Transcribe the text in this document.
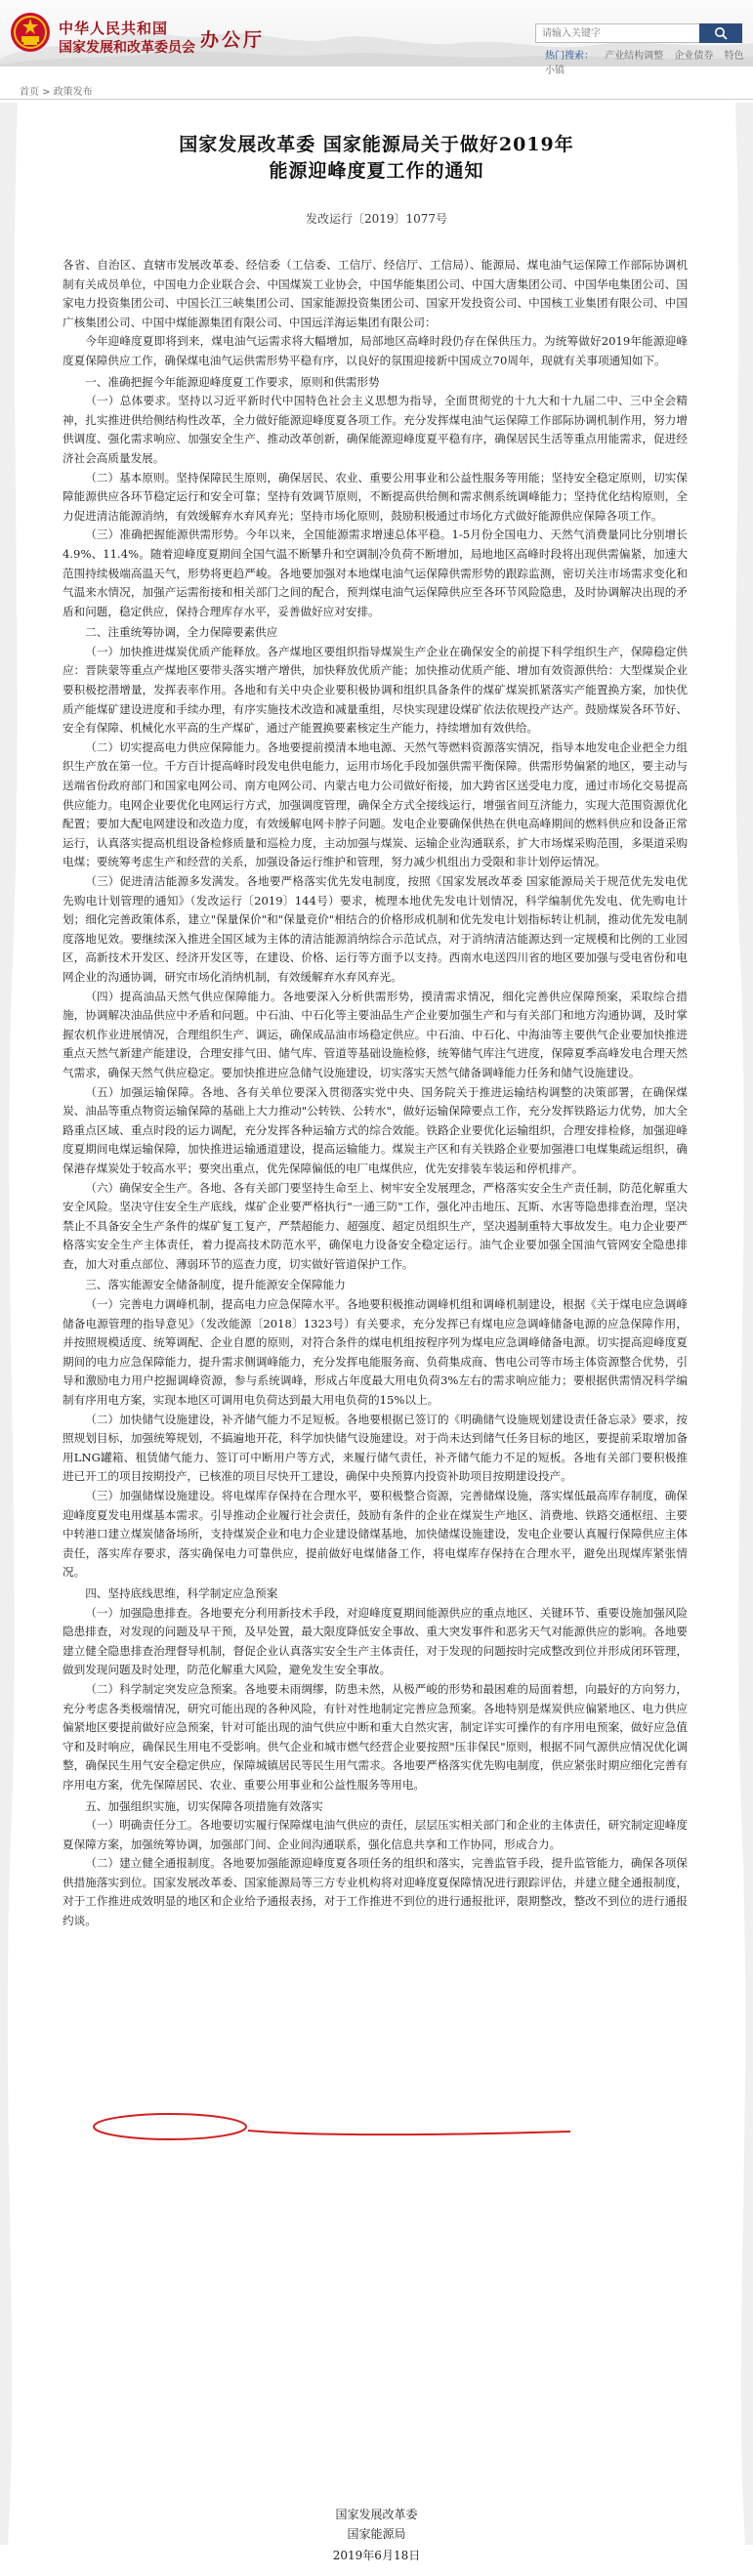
中华人民共和国
国家发展和改革委员会 办公厅
请输入关键字
热门搜索： 产业结构调整 企业债券 特色小镇
首页 > 政策发布
国家发展改革委 国家能源局关于做好2019年
能源迎峰度夏工作的通知
发改运行〔2019〕1077号

各省、自治区、直辖市发展改革委、经信委（工信委、工信厅、经信厅、工信局）、能源局、煤电油气运保障工作部际协调机制有关成员单位，中国电力企业联合会、中国煤炭工业协会，中国华能集团公司、中国大唐集团公司、中国华电集团公司、国家电力投资集团公司、中国长江三峡集团公司、国家能源投资集团公司、国家开发投资公司、中国核工业集团有限公司、中国广核集团公司、中国中煤能源集团有限公司、中国远洋海运集团有限公司：

今年迎峰度夏即将到来，煤电油气运需求将大幅增加，局部地区高峰时段仍存在保供压力。为统筹做好2019年能源迎峰度夏保障供应工作，确保煤电油气运供需形势平稳有序，以良好的氛围迎接新中国成立70周年，现就有关事项通知如下。

一、准确把握今年能源迎峰度夏工作要求，原则和供需形势

（一）总体要求。坚持以习近平新时代中国特色社会主义思想为指导，全面贯彻党的十九大和十九届二中、三中全会精神，扎实推进供给侧结构性改革，全力做好能源迎峰度夏各项工作。充分发挥煤电油气运保障工作部际协调机制作用，努力增供调度、强化需求响应、加强安全生产、推动改革创新，确保能源迎峰度夏平稳有序，确保居民生活等重点用能需求，促进经济社会高质量发展。

（二）基本原则。坚持保障民生原则，确保居民、农业、重要公用事业和公益性服务等用能；坚持安全稳定原则，切实保障能源供应各环节稳定运行和安全可靠；坚持有效调节原则，不断提高供给侧和需求侧系统调峰能力；坚持优化结构原则，全力促进清洁能源消纳，有效缓解弃水弃风弃光；坚持市场化原则，鼓励积极通过市场化方式做好能源供应保障各项工作。

（三）准确把握能源供需形势。今年以来，全国能源需求增速总体平稳。1-5月份全国电力、天然气消费量同比分别增长4.9%、11.4%。随着迎峰度夏期间全国气温不断攀升和空调制冷负荷不断增加，局地地区高峰时段将出现供需偏紧，加速大范围持续极端高温天气，形势将更趋严峻。各地要加强对本地煤电油气运保障供需形势的跟踪监测，密切关注市场需求变化和气温来水情况，加强产运需衔接和相关部门之间的配合，预判煤电油气运保障供应至各环节风险隐患，及时协调解决出现的矛盾和问题，稳定供应，保持合理库存水平，妥善做好应对安排。

二、注重统筹协调，全力保障要素供应

（一）加快推进煤炭优质产能释放。各产煤地区要组织指导煤炭生产企业在确保安全的前提下科学组织生产，保障稳定供应：晋陕蒙等重点产煤地区要带头落实增产增供，加快释放优质产能；加快推动优质产能、增加有效资源供给：大型煤炭企业要积极挖潜增量，发挥表率作用。各地和有关中央企业要积极协调和组织具备条件的煤矿煤炭抓紧落实产能置换方案，加快优质产能煤矿建设进度和手续办理，有序实施技术改造和减量重组，尽快实现建设煤矿依法依规投产达产。鼓励煤炭各环节好、安全有保障、机械化水平高的生产煤矿，通过产能置换要素核定生产能力，持续增加有效供给。

（二）切实提高电力供应保障能力。各地要提前摸清本地电源、天然气等燃料资源落实情况，指导本地发电企业把全力组织生产放在第一位。千方百计提高峰时段发电供电能力，运用市场化手段加强供需平衡保障。供需形势偏紧的地区，要主动与送端省份政府部门和国家电网公司、南方电网公司、内蒙古电力公司做好衔接，加大跨省区送受电力度，通过市场化交易提高供应能力。电网企业要优化电网运行方式，加强调度管理，确保全方式全接线运行，增强省间互济能力，实现大范围资源优化配置；要加大配电网建设和改造力度，有效缓解电网卡脖子问题。发电企业要确保供热在供电高峰期间的燃料供应和设备正常运行，认真落实提高机组设备检修质量和巡检力度，主动加强与煤炭、运输企业沟通联系，扩大市场煤采购范围，多渠道采购电煤；要统筹考虑生产和经营的关系，加强设备运行维护和管理，努力减少机组出力受限和非计划停运情况。

（三）促进清洁能源多发满发。各地要严格落实优先发电制度，按照《国家发展改革委 国家能源局关于规范优先发电优先购电计划管理的通知》（发改运行〔2019〕144号）要求，梳理本地优先发电计划情况，科学编制优先发电、优先购电计划；细化完善政策体系，建立"保量保价"和"保量竞价"相结合的价格形成机制和优先发电计划指标转让机制，推动优先发电制度落地见效。要继续深入推进全国区域为主体的清洁能源消纳综合示范试点，对于消纳清洁能源达到一定规模和比例的工业园区，高新技术开发区、经济开发区等，在建设、价格、运行等方面予以支持。西南水电送四川省的地区要加强与受电省份和电网企业的沟通协调，研究市场化消纳机制，有效缓解弃水弃风弃光。

（四）提高油品天然气供应保障能力。各地要深入分析供需形势，摸清需求情况，细化完善供应保障预案，采取综合措施，协调解决油品供应中矛盾和问题。中石油、中石化等主要油品生产企业要加强生产和与有关部门和地方沟通协调，及时掌握农机作业进展情况，合理组织生产、调运，确保成品油市场稳定供应。中石油、中石化、中海油等主要供气企业要加快推进重点天然气新建产能建设，合理安排气田、储气库、管道等基础设施检修，统筹储气库注气进度，保障夏季高峰发电合理天然气需求，确保天然气供应稳定。要加快推进应急储气设施建设，切实落实天然气储备调峰能力任务和储气设施建设。

（五）加强运输保障。各地、各有关单位要深入贯彻落实党中央、国务院关于推进运输结构调整的决策部署，在确保煤炭、油品等重点物资运输保障的基础上大力推动"公转铁、公转水"，做好运输保障要点工作，充分发挥铁路运力优势，加大全路重点区域、重点时段的运力调配，充分发挥各种运输方式的综合效能。铁路企业要优化运输组织，合理安排检修，加强迎峰度夏期间电煤运输保障，加快推进运输通道建设，提高运输能力。煤炭主产区和有关铁路企业要加强港口电煤集疏运组织，确保港存煤炭处于较高水平；要突出重点，优先保障偏低的电厂电煤供应，优先安排装车装运和停机排产。

（六）确保安全生产。各地、各有关部门要坚持生命至上、树牢安全发展理念，严格落实安全生产责任制，防范化解重大安全风险。坚决守住安全生产底线，煤矿企业要严格执行"一通三防"工作，强化冲击地压、瓦斯、水害等隐患排查治理，坚决禁止不具备安全生产条件的煤矿复工复产，严禁超能力、超强度、超定员组织生产，坚决遏制重特大事故发生。电力企业要严格落实安全生产主体责任，着力提高技术防范水平，确保电力设备安全稳定运行。油气企业要加强全国油气管网安全隐患排查，加大对重点部位、薄弱环节的巡查力度，切实做好管道保护工作。

三、落实能源安全储备制度，提升能源安全保障能力

（一）完善电力调峰机制，提高电力应急保障水平。各地要积极推动调峰机组和调峰机制建设，根据《关于煤电应急调峰储备电源管理的指导意见》（发改能源〔2018〕1323号）有关要求，充分发挥已有煤电应急调峰储备电源的应急保障作用，并按照规模适度、统筹调配、企业自愿的原则，对符合条件的煤电机组按程序列为煤电应急调峰储备电源。切实提高迎峰度夏期间的电力应急保障能力，提升需求侧调峰能力，充分发挥电能服务商、负荷集成商、售电公司等市场主体资源整合优势，引导和激励电力用户挖掘调峰资源，参与系统调峰，形成占年度最大用电负荷3%左右的需求响应能力；要根据供需情况科学编制有序用电方案，实现本地区可调用电负荷达到最大用电负荷的15%以上。

（二）加快储气设施建设，补齐储气能力不足短板。各地要根据已签订的《明确储气设施规划建设责任备忘录》要求，按照规划目标，加强统筹规划，不搞遍地开花，科学加快储气设施建设。对于尚未达到储气任务目标的地区，要提前采取增加备用LNG罐箱、租赁储气能力、签订可中断用户等方式，来履行储气责任，补齐储气能力不足的短板。各地有关部门要积极推进已开工的项目按期投产，已核准的项目尽快开工建设，确保中央预算内投资补助项目按期建设投产。

（三）加强储煤设施建设。将电煤库存保持在合理水平，要积极整合资源，完善储煤设施，落实煤低最高库存制度，确保迎峰度夏发电用煤基本需求。引导推动企业履行社会责任，鼓励有条件的企业在煤炭生产地区、消费地、铁路交通枢纽、主要中转港口建立煤炭储备场所，支持煤炭企业和电力企业建设储煤基地，加快储煤设施建设，发电企业要认真履行保障供应主体责任，落实库存要求，落实确保电力可靠供应，提前做好电煤储备工作，将电煤库存保持在合理水平，避免出现煤库紧张情况。

四、坚持底线思维，科学制定应急预案

（一）加强隐患排查。各地要充分利用新技术手段，对迎峰度夏期间能源供应的重点地区、关键环节、重要设施加强风险隐患排查，对发现的问题及早干预，及早处置，最大限度降低安全事故、重大突发事件和恶劣天气对能源供应的影响。各地要建立健全隐患排查治理督导机制，督促企业认真落实安全生产主体责任，对于发现的问题按时完成整改到位并形成闭环管理，做到发现问题及时处理，防范化解重大风险，避免发生安全事故。

（二）科学制定突发应急预案。各地要未雨绸缪，防患未然，从极严峻的形势和最困难的局面着想，向最好的方向努力，充分考虑各类极端情况，研究可能出现的各种风险，有针对性地制定完善应急预案。各地特别是煤炭供应偏紧地区、电力供应偏紧地区要提前做好应急预案，针对可能出现的油气供应中断和重大自然灾害，制定详实可操作的有序用电预案，做好应急值守和及时响应，确保民生用电不受影响。供气企业和城市燃气经营企业要按照"压非保民"原则，根据不同气源供应情况优化调整，确保民生用气安全稳定供应，保障城镇居民等民生用气需求。各地要严格落实优先购电制度，供应紧张时期应细化完善有序用电方案，优先保障居民、农业、重要公用事业和公益性服务等用电。

五、加强组织实施，切实保障各项措施有效落实

（一）明确责任分工。各地要切实履行保障煤电油气供应的责任，层层压实相关部门和企业的主体责任，研究制定迎峰度夏保障方案，加强统筹协调，加强部门间、企业间沟通联系，强化信息共享和工作协同，形成合力。

（二）建立健全通报制度。各地要加强能源迎峰度夏各项任务的组织和落实，完善监管手段，提升监管能力，确保各项保供措施落实到位。国家发展改革委、国家能源局等三方专业机构将对迎峰度夏保障情况进行跟踪评估，并建立健全通报制度，对于工作推进成效明显的地区和企业给予通报表扬，对于工作推进不到位的进行通报批评，限期整改，整改不到位的进行通报约谈。

国家发展改革委
国家能源局
2019年6月18日
